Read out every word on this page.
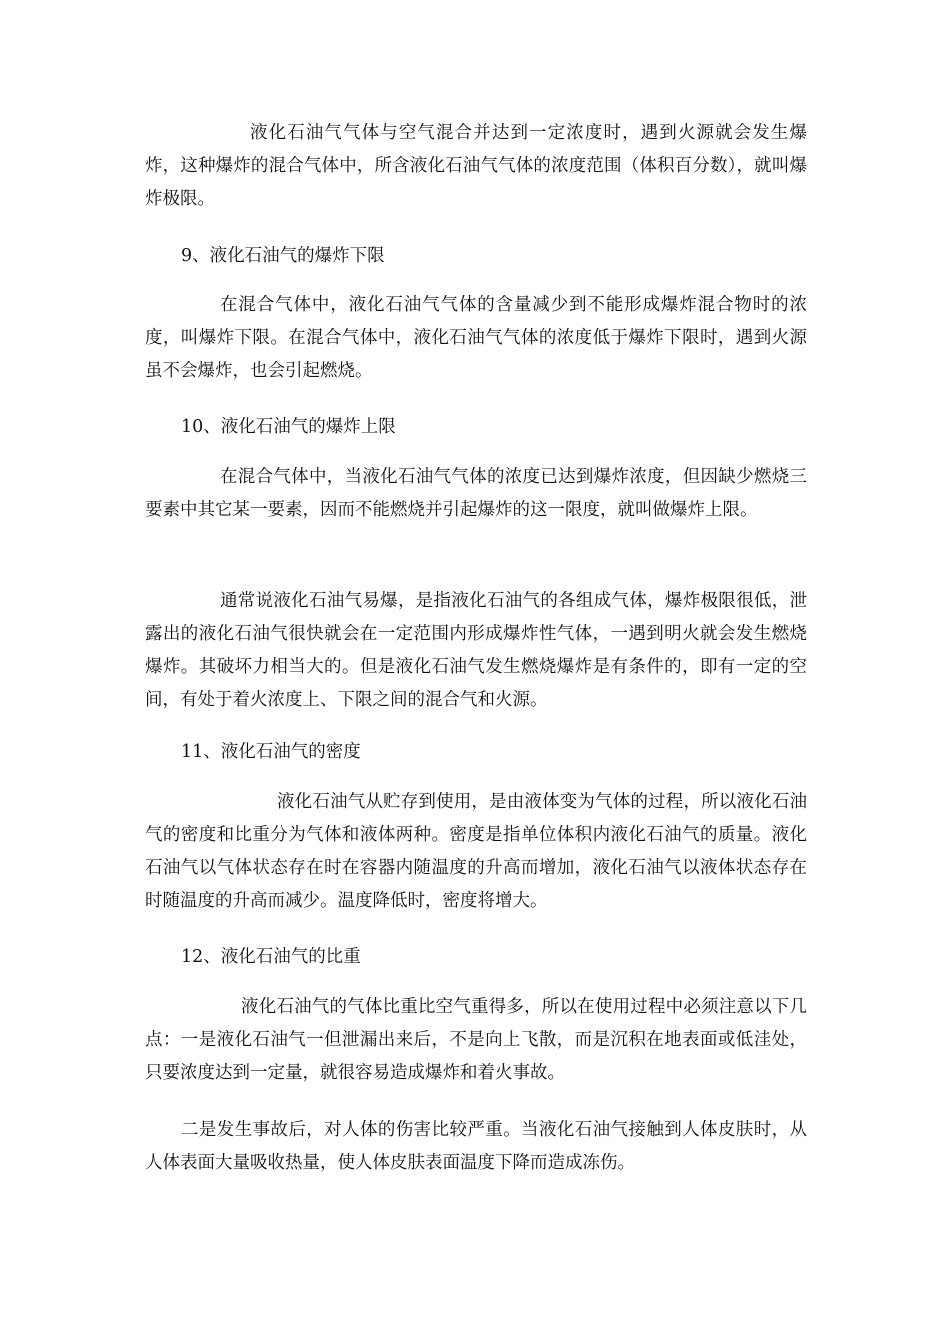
液化石油气气体与空气混合并达到一定浓度时，遇到火源就会发生爆炸，这种爆炸的混合气体中，所含液化石油气气体的浓度范围（体积百分数），就叫爆炸极限。

9、液化石油气的爆炸下限

在混合气体中，液化石油气气体的含量减少到不能形成爆炸混合物时的浓度，叫爆炸下限。在混合气体中，液化石油气气体的浓度低于爆炸下限时，遇到火源虽不会爆炸，也会引起燃烧。

10、液化石油气的爆炸上限

在混合气体中，当液化石油气气体的浓度已达到爆炸浓度，但因缺少燃烧三要素中其它某一要素，因而不能燃烧并引起爆炸的这一限度，就叫做爆炸上限。

通常说液化石油气易爆，是指液化石油气的各组成气体，爆炸极限很低，泄露出的液化石油气很快就会在一定范围内形成爆炸性气体，一遇到明火就会发生燃烧爆炸。其破坏力相当大的。但是液化石油气发生燃烧爆炸是有条件的，即有一定的空间，有处于着火浓度上、下限之间的混合气和火源。

11、液化石油气的密度

液化石油气从贮存到使用，是由液体变为气体的过程，所以液化石油气的密度和比重分为气体和液体两种。密度是指单位体积内液化石油气的质量。液化石油气以气体状态存在时在容器内随温度的升高而增加，液化石油气以液体状态存在时随温度的升高而减少。温度降低时，密度将增大。

12、液化石油气的比重

液化石油气的气体比重比空气重得多，所以在使用过程中必须注意以下几点：一是液化石油气一但泄漏出来后，不是向上飞散，而是沉积在地表面或低洼处，只要浓度达到一定量，就很容易造成爆炸和着火事故。

二是发生事故后，对人体的伤害比较严重。当液化石油气接触到人体皮肤时，从人体表面大量吸收热量，使人体皮肤表面温度下降而造成冻伤。
